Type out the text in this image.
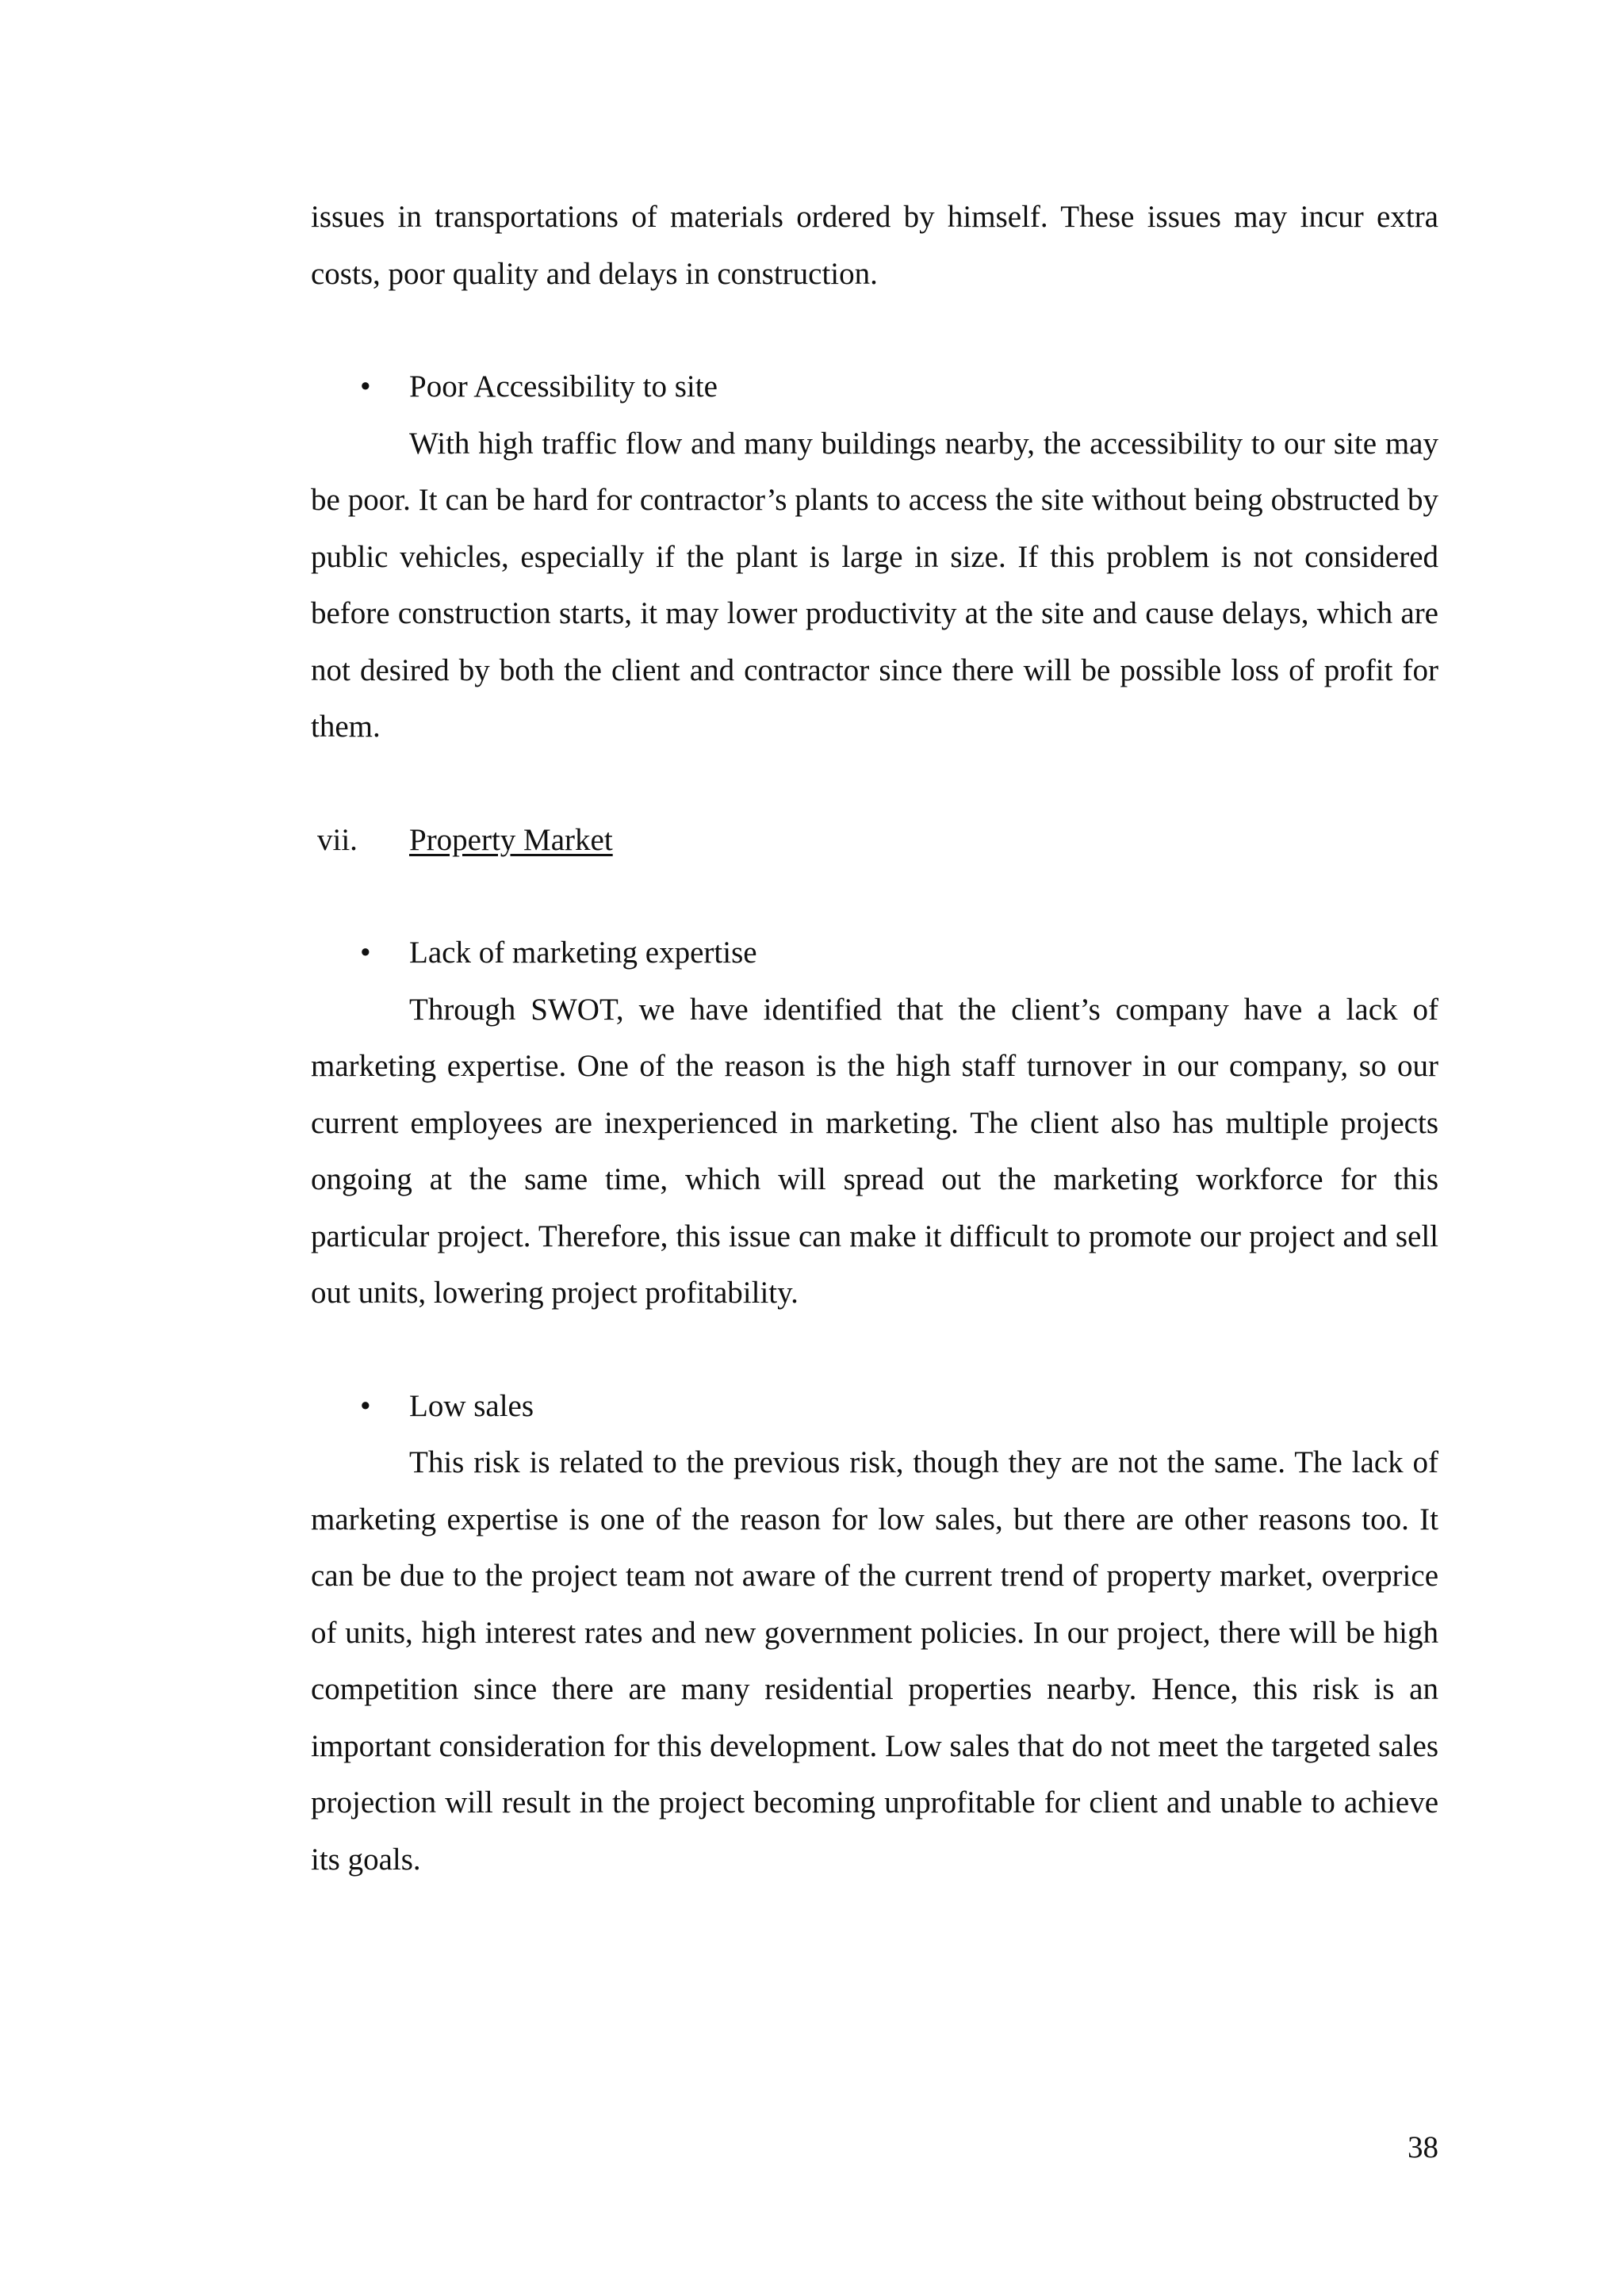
issues in transportations of materials ordered by himself. These issues may incur extra costs, poor quality and delays in construction.

•	Poor Accessibility to site

With high traffic flow and many buildings nearby, the accessibility to our site may be poor. It can be hard for contractor’s plants to access the site without being obstructed by public vehicles, especially if the plant is large in size. If this problem is not considered before construction starts, it may lower productivity at the site and cause delays, which are not desired by both the client and contractor since there will be possible loss of profit for them.

vii.	Property Market
•	Lack of marketing expertise

Through SWOT, we have identified that the client’s company have a lack of marketing expertise. One of the reason is the high staff turnover in our company, so our current employees are inexperienced in marketing. The client also has multiple projects ongoing at the same time, which will spread out the marketing workforce for this particular project. Therefore, this issue can make it difficult to promote our project and sell out units, lowering project profitability.

•	Low sales

This risk is related to the previous risk, though they are not the same. The lack of marketing expertise is one of the reason for low sales, but there are other reasons too. It can be due to the project team not aware of the current trend of property market, overprice of units, high interest rates and new government policies. In our project, there will be high competition since there are many residential properties nearby. Hence, this risk is an important consideration for this development. Low sales that do not meet the targeted sales projection will result in the project becoming unprofitable for client and unable to achieve its goals.

38
